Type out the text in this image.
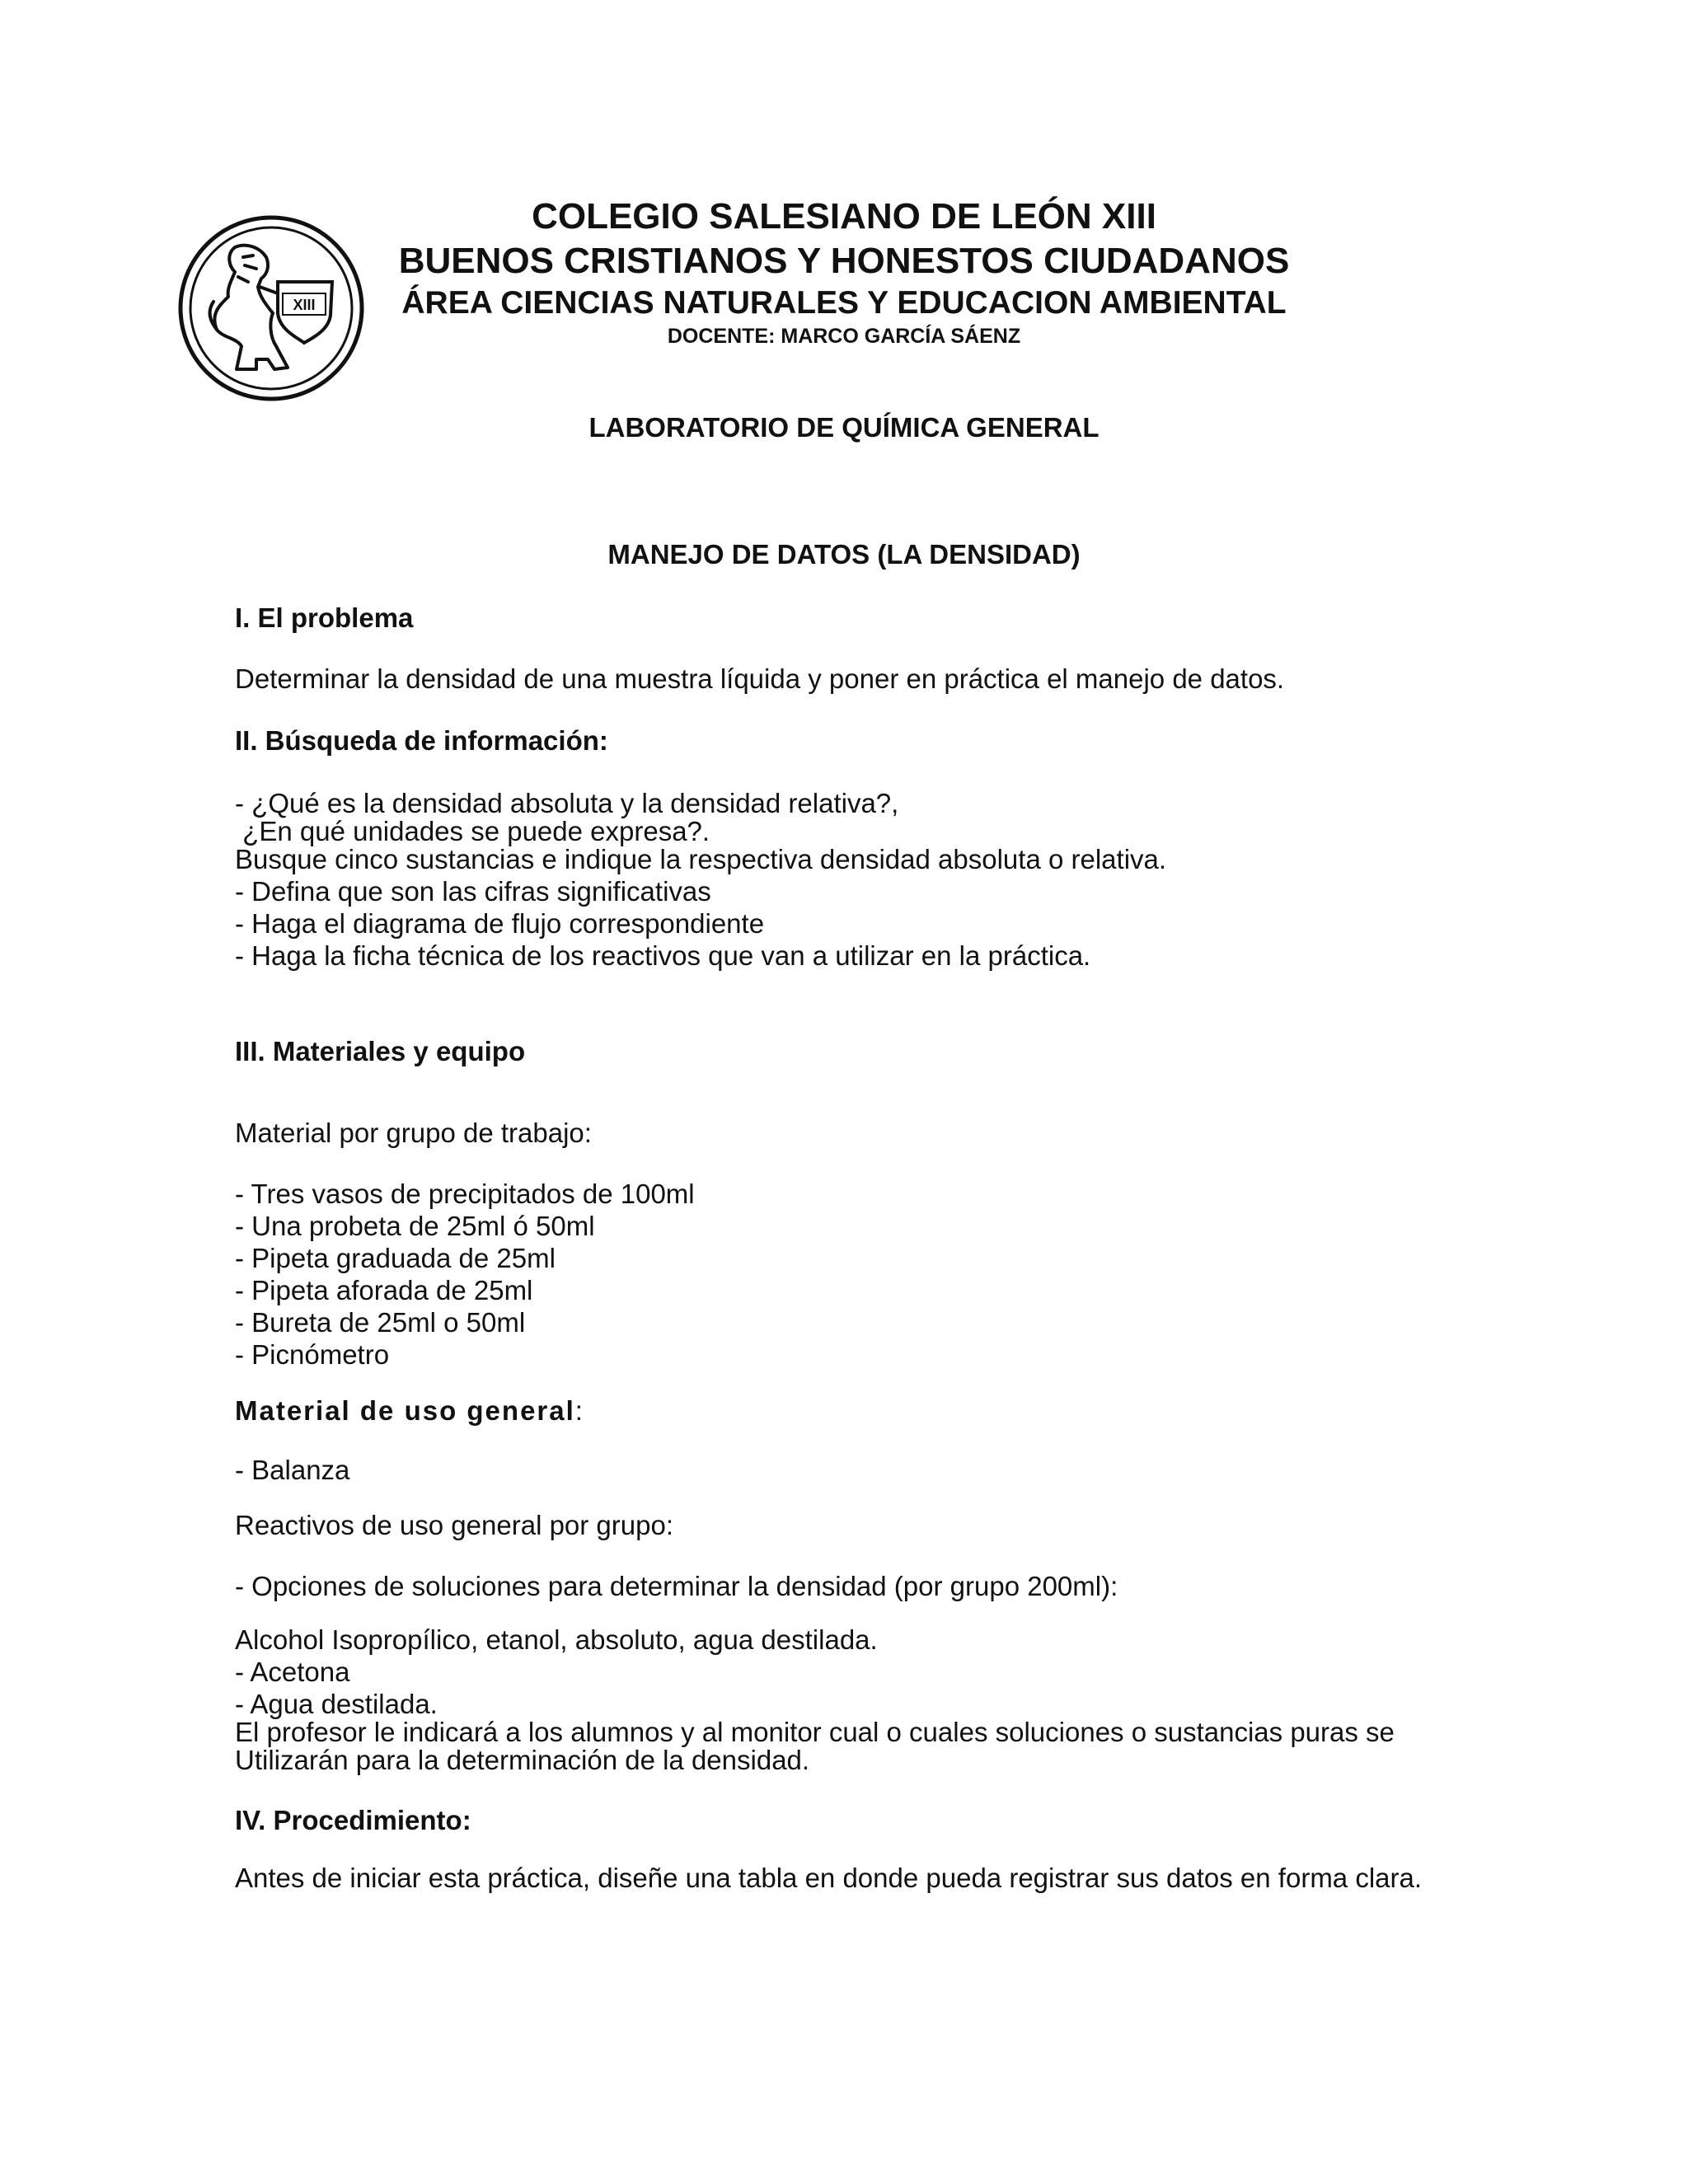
XIII

COLEGIO SALESIANO DE LEÓN XIII

BUENOS CRISTIANOS Y HONESTOS CIUDADANOS

ÁREA CIENCIAS NATURALES Y EDUCACION AMBIENTAL

DOCENTE: MARCO GARCÍA SÁENZ

LABORATORIO DE QUÍMICA GENERAL

MANEJO DE DATOS (LA DENSIDAD)

I. El problema

Determinar la densidad de una muestra líquida y poner en práctica el manejo de datos.

II. Búsqueda de información:

- ¿Qué es la densidad absoluta y la densidad relativa?,

¿En qué unidades se puede expresa?.

Busque cinco sustancias e indique la respectiva densidad absoluta o relativa.

- Defina que son las cifras significativas

- Haga el diagrama de flujo correspondiente

- Haga la ficha técnica de los reactivos que van a utilizar en la práctica.

III. Materiales y equipo

Material por grupo de trabajo:

- Tres vasos de precipitados de 100ml

- Una probeta de 25ml ó 50ml

- Pipeta graduada de 25ml

- Pipeta aforada de 25ml

- Bureta de 25ml o 50ml

- Picnómetro

Material de uso general:

- Balanza

Reactivos de uso general por grupo:

- Opciones de soluciones para determinar la densidad (por grupo 200ml):

Alcohol Isopropílico, etanol, absoluto, agua destilada.

- Acetona

- Agua destilada.

El profesor le indicará a los alumnos y al monitor cual o cuales soluciones o sustancias puras se

Utilizarán para la determinación de la densidad.

IV. Procedimiento:

Antes de iniciar esta práctica, diseñe una tabla en donde pueda registrar sus datos en forma clara.
